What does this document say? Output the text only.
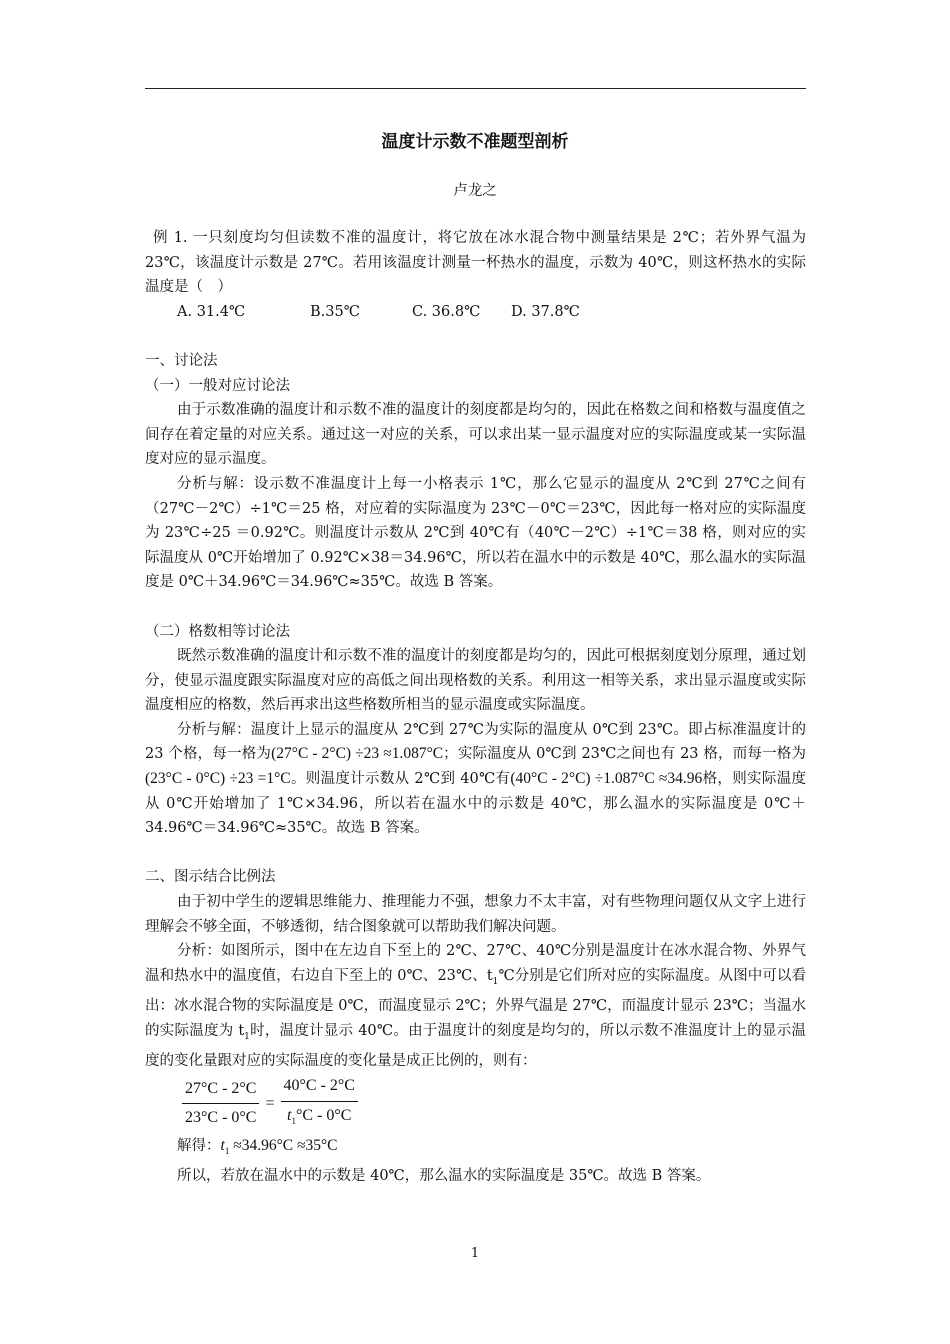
温度计示数不准题型剖析
卢龙之

例 1. 一只刻度均匀但读数不准的温度计，将它放在冰水混合物中测量结果是 2℃；若外界气温为 23℃，该温度计示数是 27℃。若用该温度计测量一杯热水的温度，示数为 40℃，则这杯热水的实际温度是（　）

A. 31.4℃	B.35℃	C. 36.8℃	D. 37.8℃

一、讨论法

（一）一般对应讨论法

由于示数准确的温度计和示数不准的温度计的刻度都是均匀的，因此在格数之间和格数与温度值之间存在着定量的对应关系。通过这一对应的关系，可以求出某一显示温度对应的实际温度或某一实际温度对应的显示温度。

分析与解：设示数不准温度计上每一小格表示 1℃，那么它显示的温度从 2℃到 27℃之间有（27℃－2℃）÷1℃＝25 格，对应着的实际温度为 23℃－0℃＝23℃，因此每一格对应的实际温度为 23℃÷25 ＝0.92℃。则温度计示数从 2℃到 40℃有（40℃－2℃）÷1℃＝38 格，则对应的实际温度从 0℃开始增加了 0.92℃×38＝34.96℃，所以若在温水中的示数是 40℃，那么温水的实际温度是 0℃＋34.96℃＝34.96℃≈35℃。故选 B 答案。

（二）格数相等讨论法

既然示数准确的温度计和示数不准的温度计的刻度都是均匀的，因此可根据刻度划分原理，通过划分，使显示温度跟实际温度对应的高低之间出现格数的关系。利用这一相等关系，求出显示温度或实际温度相应的格数，然后再求出这些格数所相当的显示温度或实际温度。

分析与解：温度计上显示的温度从 2℃到 27℃为实际的温度从 0℃到 23℃。即占标准温度计的 23 个格，每一格为(27°C - 2°C) ÷23 ≈1.087°C；实际温度从 0℃到 23℃之间也有 23 格，而每一格为(23°C - 0°C) ÷23 =1°C。则温度计示数从 2℃到 40℃有(40°C - 2°C) ÷1.087°C ≈34.96格，则实际温度从 0℃开始增加了 1℃×34.96，所以若在温水中的示数是 40℃，那么温水的实际温度是 0℃＋34.96℃＝34.96℃≈35℃。故选 B 答案。

二、图示结合比例法

由于初中学生的逻辑思维能力、推理能力不强，想象力不太丰富，对有些物理问题仅从文字上进行理解会不够全面，不够透彻，结合图象就可以帮助我们解决问题。

分析：如图所示，图中在左边自下至上的 2℃、27℃、40℃分别是温度计在冰水混合物、外界气温和热水中的温度值，右边自下至上的 0℃、23℃、$t_1℃$分别是它们所对应的实际温度。从图中可以看出：冰水混合物的实际温度是 0℃，而温度显示 2℃；外界气温是 27℃，而温度计显示 23℃；当温水的实际温度为 $t_1$时，温度计显示 40℃。由于温度计的刻度是均匀的，所以示数不准温度计上的显示温度的变化量跟对应的实际温度的变化量是成正比例的，则有：

$\frac{27^\circ C - 2^\circ C}{23^\circ C - 0^\circ C} = \frac{40^\circ C - 2^\circ C}{t_1^\circ C - 0^\circ C}$

解得：$t_1 \approx 34.96^\circ C \approx 35^\circ C$

所以，若放在温水中的示数是 40℃，那么温水的实际温度是 35℃。故选 B 答案。

1
